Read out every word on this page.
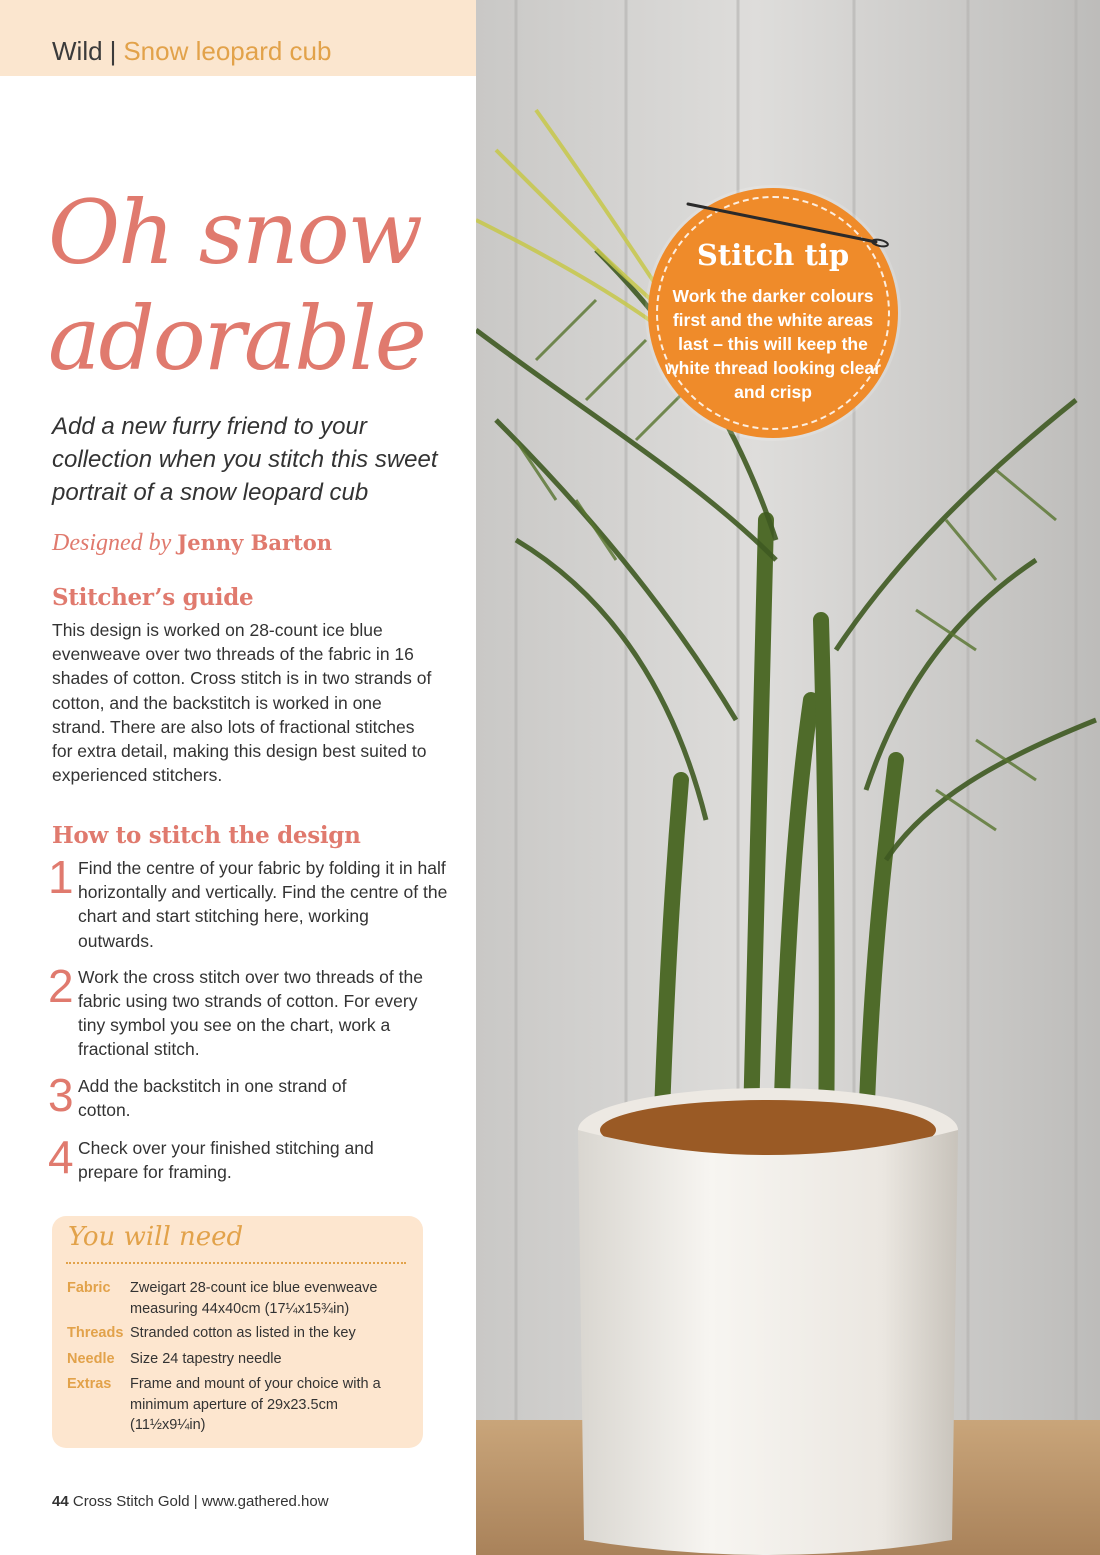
Wild | Snow leopard cub
Oh snow
adorable
Add a new furry friend to your collection when you stitch this sweet portrait of a snow leopard cub
Designed by Jenny Barton
Stitcher’s guide
This design is worked on 28-count ice blue evenweave over two threads of the fabric in 16 shades of cotton. Cross stitch is in two strands of cotton, and the backstitch is worked in one strand. There are also lots of fractional stitches for extra detail, making this design best suited to experienced stitchers.
How to stitch the design
1 Find the centre of your fabric by folding it in half horizontally and vertically. Find the centre of the chart and start stitching here, working outwards.
2 Work the cross stitch over two threads of the fabric using two strands of cotton. For every tiny symbol you see on the chart, work a fractional stitch.
3 Add the backstitch in one strand of cotton.
4 Check over your finished stitching and prepare for framing.
You will need
Fabric Zweigart 28-count ice blue evenweave measuring 44x40cm (17¼x15¾in)
Threads Stranded cotton as listed in the key
Needle Size 24 tapestry needle
Extras Frame and mount of your choice with a minimum aperture of 29x23.5cm (11½x9¼in)
44 Cross Stitch Gold | www.gathered.how
Stitch tip
Work the darker colours first and the white areas last – this will keep the white thread looking clear and crisp
